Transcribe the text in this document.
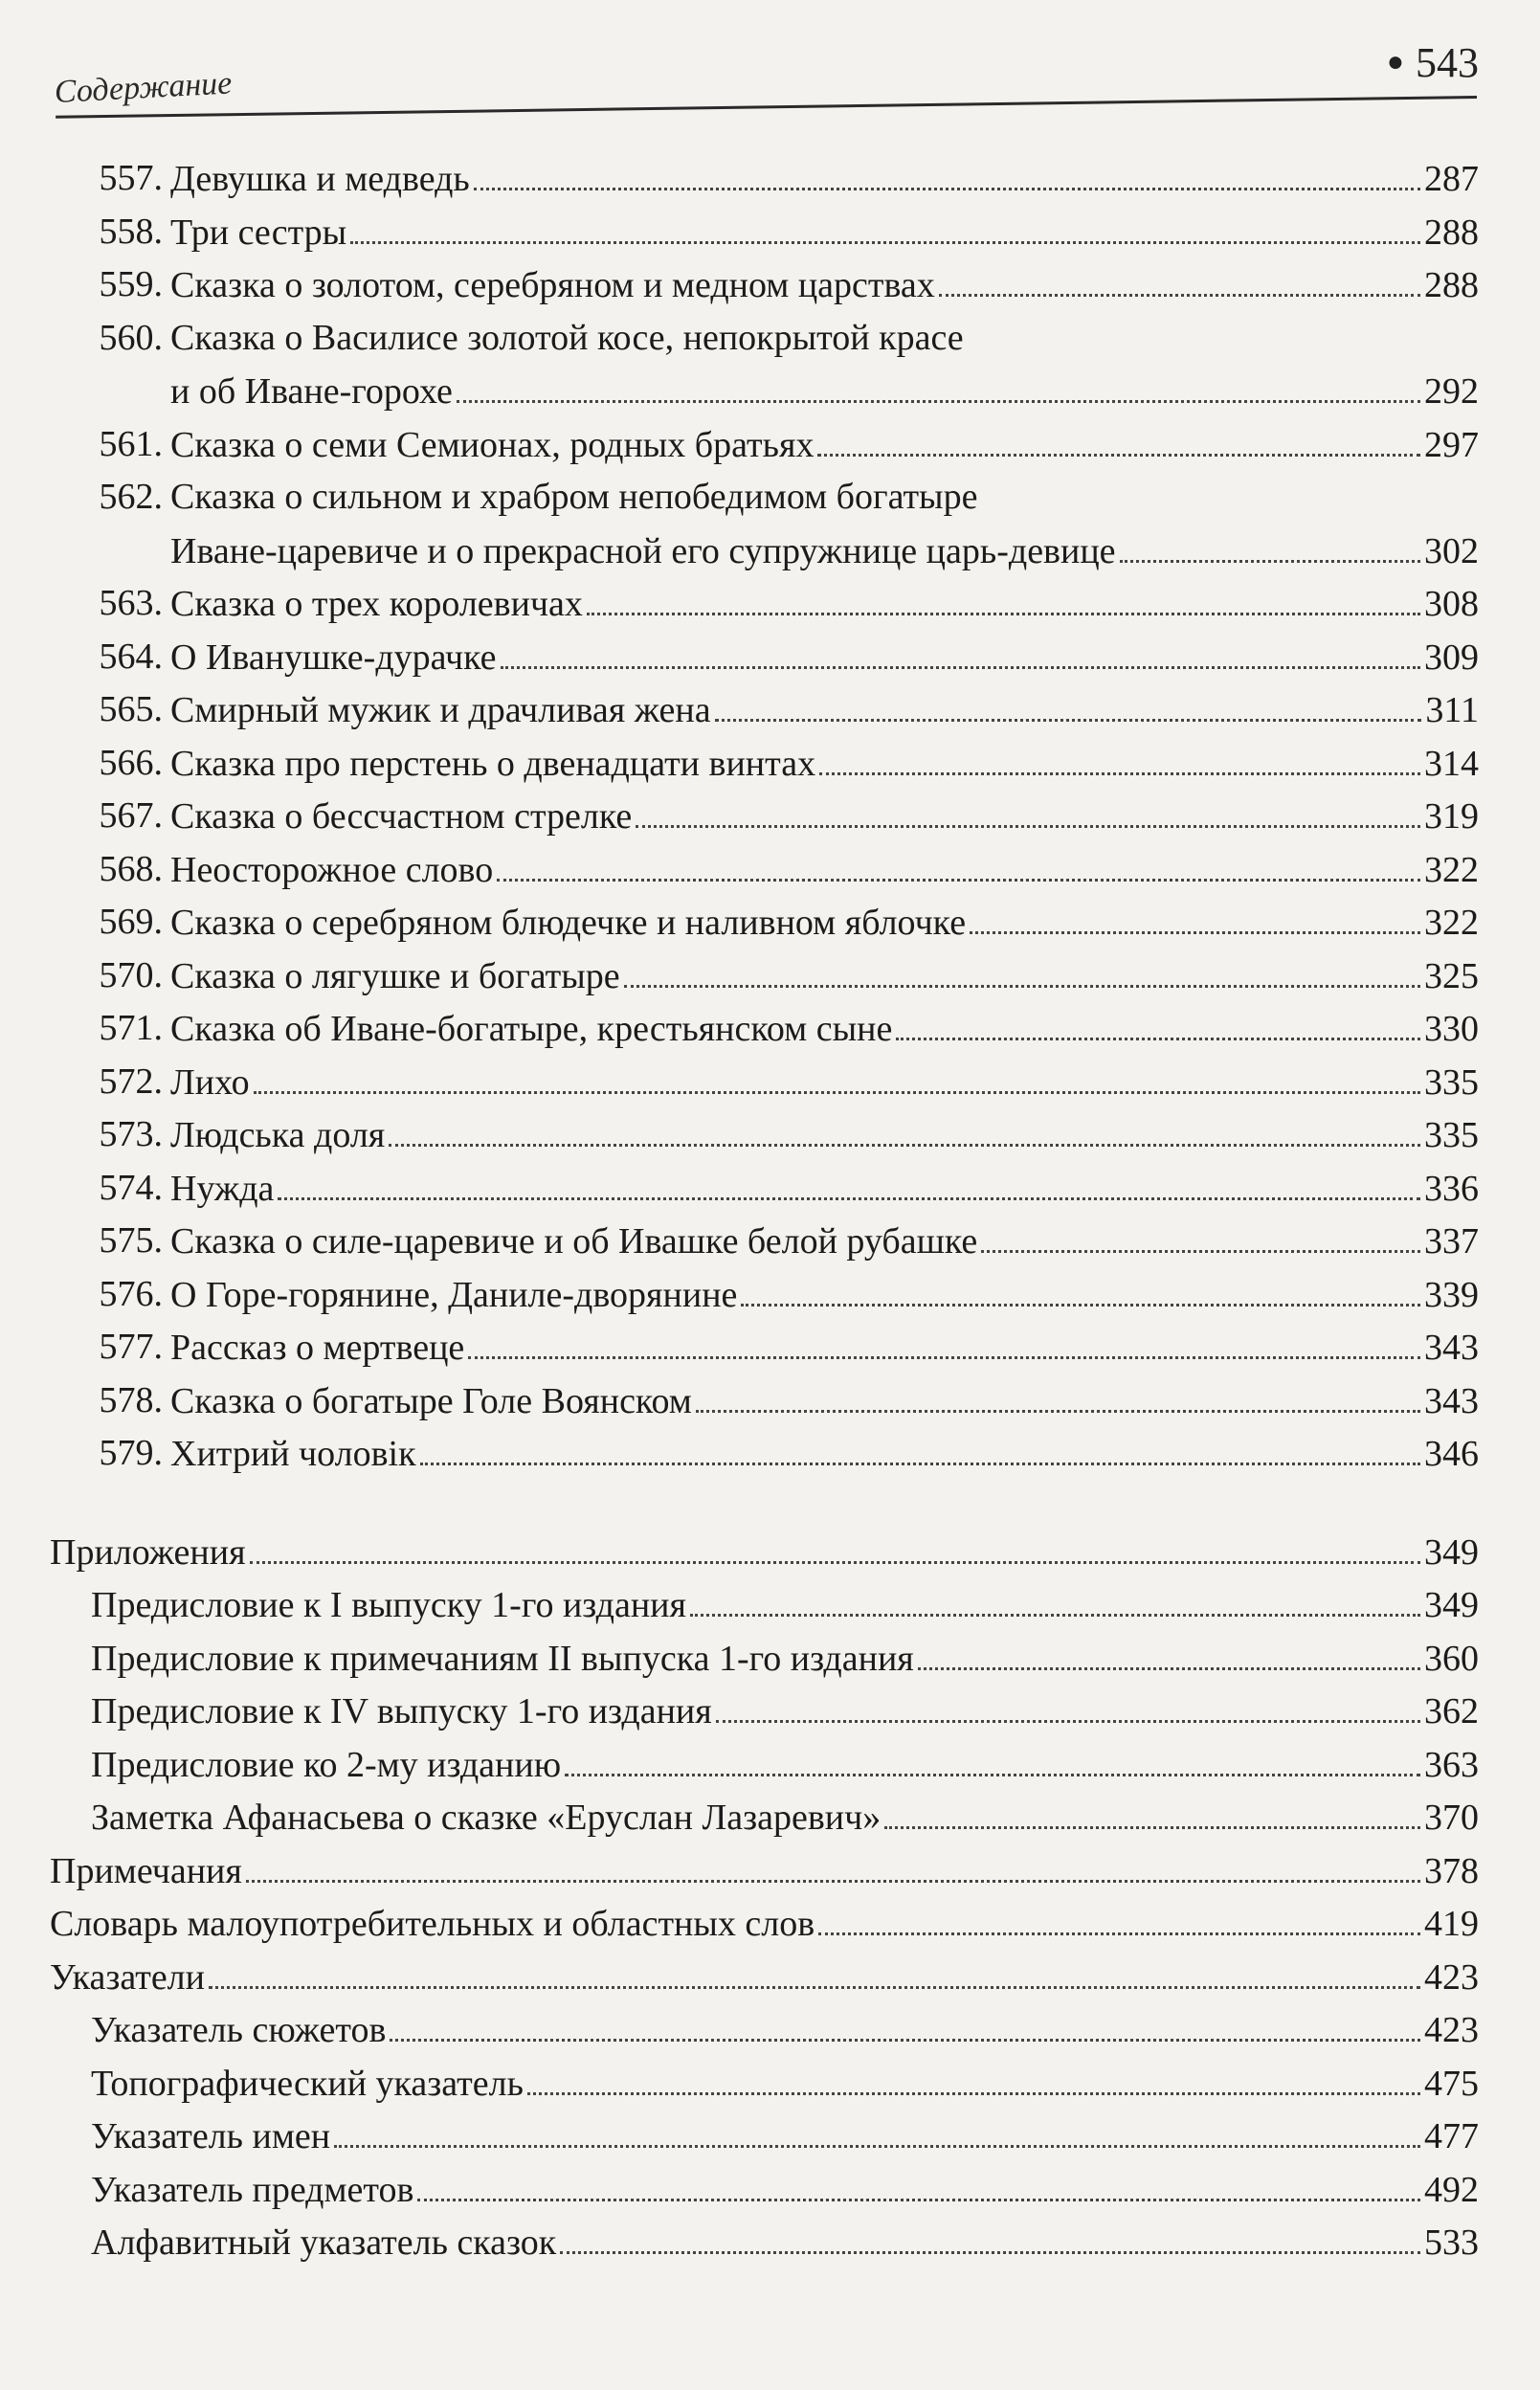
Содержание
● 543
557. Девушка и медведь	287
558. Три сестры	288
559. Сказка о золотом, серебряном и медном царствах	288
560. Сказка о Василисе золотой косе, непокрытой красе
и об Иване-горохе	292
561. Сказка о семи Семионах, родных братьях	297
562. Сказка о сильном и храбром непобедимом богатыре
Иване-царевиче и о прекрасной его супружнице царь-девице	302
563. Сказка о трех королевичах	308
564. О Иванушке-дурачке	309
565. Смирный мужик и драчливая жена	311
566. Сказка про перстень о двенадцати винтах	314
567. Сказка о бессчастном стрелке	319
568. Неосторожное слово	322
569. Сказка о серебряном блюдечке и наливном яблочке	322
570. Сказка о лягушке и богатыре	325
571. Сказка об Иване-богатыре, крестьянском сыне	330
572. Лихо	335
573. Людська доля	335
574. Нужда	336
575. Сказка о силе-царевиче и об Ивашке белой рубашке	337
576. О Горе-горянине, Даниле-дворянине	339
577. Рассказ о мертвеце	343
578. Сказка о богатыре Голе Воянском	343
579. Хитрий чоловік	346
Приложения	349
Предисловие к I выпуску 1-го издания	349
Предисловие к примечаниям II выпуска 1-го издания	360
Предисловие к IV выпуску 1-го издания	362
Предисловие ко 2-му изданию	363
Заметка Афанасьева о сказке «Еруслан Лазаревич»	370
Примечания	378
Словарь малоупотребительных и областных слов	419
Указатели	423
Указатель сюжетов	423
Топографический указатель	475
Указатель имен	477
Указатель предметов	492
Алфавитный указатель сказок	533
